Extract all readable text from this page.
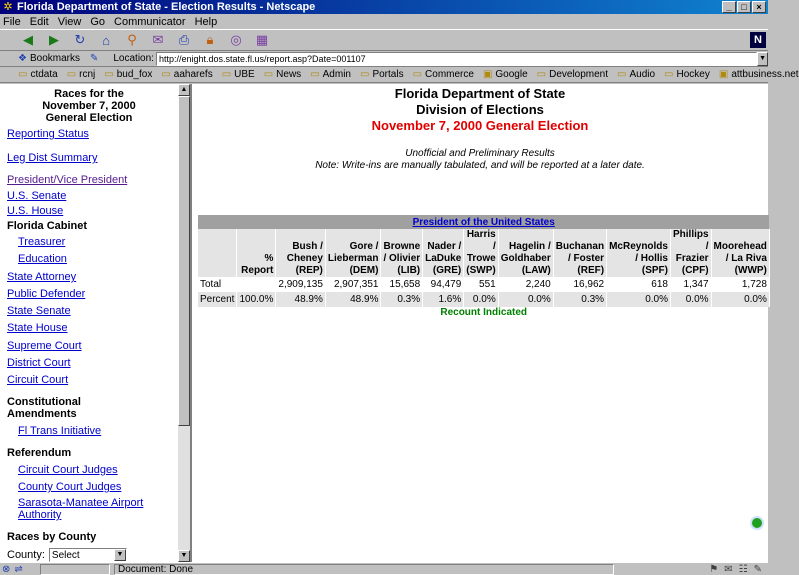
✲ Florida Department of State - Election Results - Netscape	_	□	×
File Edit View Go Communicator Help
◀	▶	↻	⌂	⚲	✉	⎙	🔒︎	◎	▦	N
❖ Bookmarks ✎ Location: http://enight.dos.state.fl.us/report.asp?Date=001107	▼
▭ ctdata ▭ rcnj ▭ bud_fox ▭ aaharefs ▭ UBE ▭ News ▭ Admin ▭ Portals ▭ Commerce ▣ Google ▭ Development ▭ Audio ▭ Hockey ▣ attbusiness.net
Races for the
November 7, 2000
General Election
Reporting Status
Leg Dist Summary
President/Vice President
U.S. Senate
U.S. House
Florida Cabinet
Treasurer
Education
State Attorney
Public Defender
State Senate
State House
Supreme Court
District Court
Circuit Court
Constitutional
Amendments
Fl Trans Initiative
Referendum
Circuit Court Judges
County Court Judges
Sarasota-Manatee Airport
Authority
Races by County
County: Select	▼
▲
▼
Florida Department of State
Division of Elections
November 7, 2000 General Election
Unofficial and Preliminary Results
Note: Write-ins are manually tabulated, and will be reported at a later date.
President of the United States											
	%
Report	Bush /
Cheney
(REP)	Gore /
Lieberman
(DEM)	Browne
/ Olivier
(LIB)	Nader /
LaDuke
(GRE)	Harris
/
Trowe
(SWP)	Hagelin /
Goldhaber
(LAW)	Buchanan
/ Foster
(REF)	McReynolds
/ Hollis
(SPF)	Phillips
/
Frazier
(CPF)	Moorehead
/ La Riva
(WWP)
Total		2,909,135	2,907,351	15,658	94,479	551	2,240	16,962	618	1,347	1,728
Percent	100.0%	48.9%	48.9%	0.3%	1.6%	0.0%	0.0%	0.3%	0.0%	0.0%	0.0%
Recount Indicated											
⊗ ⇌	Document: Done	⚑ ✉ ☷ ✎
